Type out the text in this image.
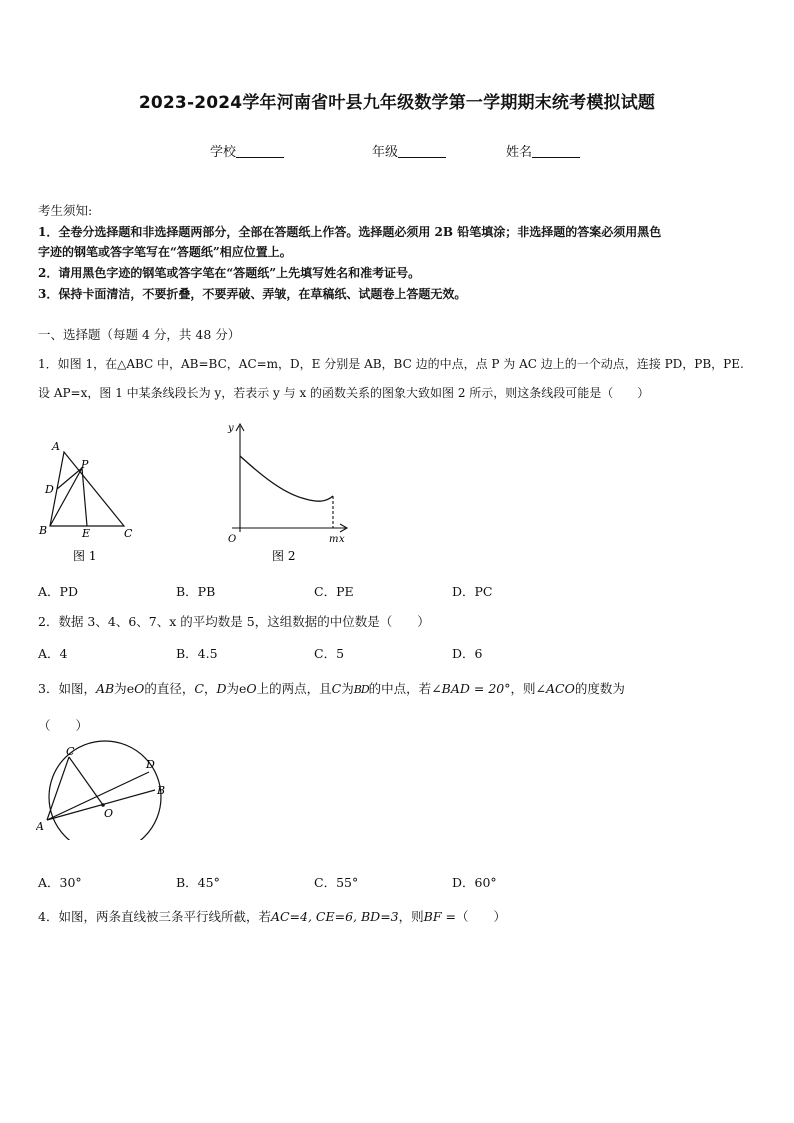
2023-2024学年河南省叶县九年级数学第一学期期末统考模拟试题
学校	年级	姓名
考生须知:
1．全卷分选择题和非选择题两部分，全部在答题纸上作答。选择题必须用 2B 铅笔填涂；非选择题的答案必须用黑色
字迹的钢笔或答字笔写在“答题纸”相应位置上。
2．请用黑色字迹的钢笔或答字笔在“答题纸”上先填写姓名和准考证号。
3．保持卡面清洁，不要折叠，不要弄破、弄皱，在草稿纸、试题卷上答题无效。
一、选择题（每题 4 分，共 48 分）
1．如图 1，在△ABC 中，AB=BC，AC=m，D，E 分别是 AB，BC 边的中点，点 P 为 AC 边上的一个动点，连接 PD，PB，PE.
设 AP=x，图 1 中某条线段长为 y，若表示 y 与 x 的函数关系的图象大致如图 2 所示，则这条线段可能是（　　）
A
B	C
D
E
P
图 1
y
x
O	m
图 2
A．PD	B．PB	C．PE	D．PC
2．数据 3、4、6、7、x 的平均数是 5，这组数据的中位数是（　　）
A．4	B．4.5	C．5	D．6
3．如图，AB为eO的直径，C，D为eO上的两点，且C为BD的中点，若∠BAD = 20°，则∠ACO的度数为
（　　）
A
B
C
D
O
A．30°	B．45°	C．55°	D．60°
4．如图，两条直线被三条平行线所截，若AC=4, CE=6, BD=3，则BF =（　　）
